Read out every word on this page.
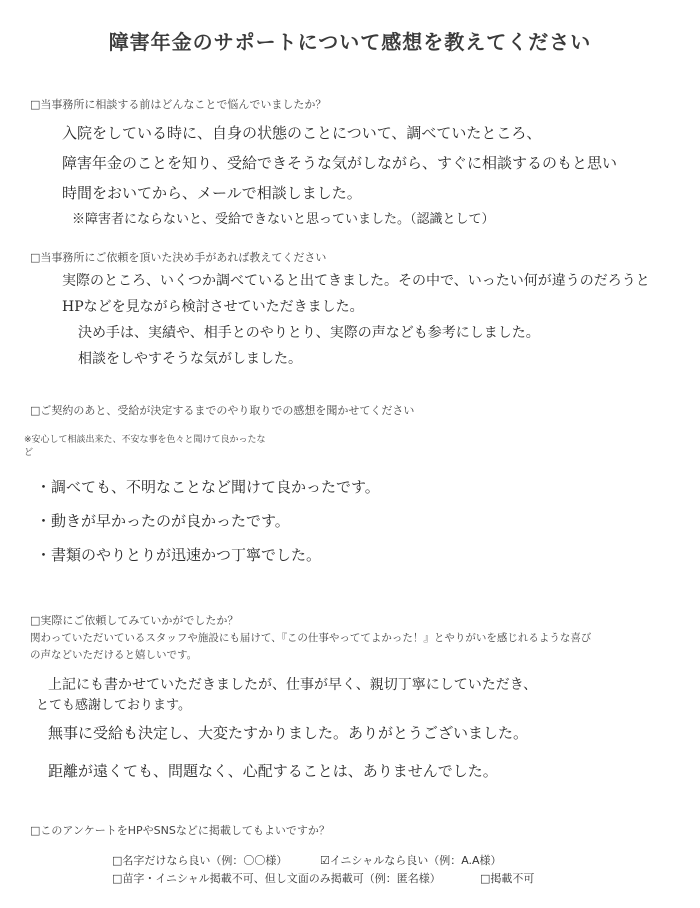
障害年金のサポートについて感想を教えてください
□当事務所に相談する前はどんなことで悩んでいましたか？
入院をしている時に、自身の状態のことについて、調べていたところ、
障害年金のことを知り、受給できそうな気がしながら、すぐに相談するのもと思い
時間をおいてから、メールで相談しました。
※障害者にならないと、受給できないと思っていました。（認識として）
□当事務所にご依頼を頂いた決め手があれば教えてください
実際のところ、いくつか調べていると出てきました。その中で、いったい何が違うのだろうと
HPなどを見ながら検討させていただきました。
決め手は、実績や、相手とのやりとり、実際の声なども参考にしました。
相談をしやすそうな気がしました。
□ご契約のあと、受給が決定するまでのやり取りでの感想を聞かせてください
※安心して相談出来た、不安な事を色々と聞けて良かったな
ど
・調べても、不明なことなど聞けて良かったです。
・動きが早かったのが良かったです。
・書類のやりとりが迅速かつ丁寧でした。
□実際にご依頼してみていかがでしたか？
関わっていただいているスタッフや施設にも届けて、『この仕事やっててよかった！』とやりがいを感じれるような喜び
の声などいただけると嬉しいです。
上記にも書かせていただきましたが、仕事が早く、親切丁寧にしていただき、
とても感謝しております。
無事に受給も決定し、大変たすかりました。ありがとうございました。
距離が遠くても、問題なく、心配することは、ありませんでした。
□このアンケートをHPやSNSなどに掲載してもよいですか？
□名字だけなら良い（例：〇〇様）	☑イニシャルなら良い（例：A.A様）
□苗字・イニシャル掲載不可、但し文面のみ掲載可（例：匿名様）	□掲載不可
